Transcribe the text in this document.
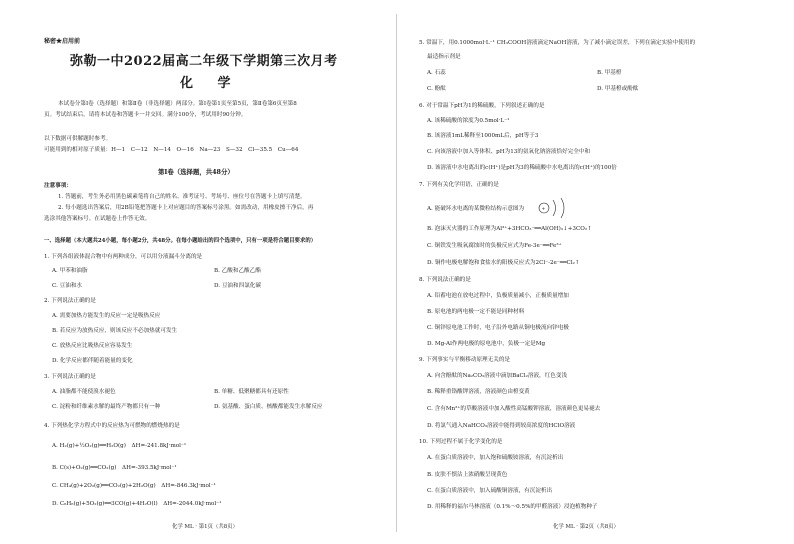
秘密★启用前
弥勒一中2022届高二年级下学期第三次月考
化 学
本试卷分第Ⅰ卷（选择题）和第Ⅱ卷（非选择题）两部分。第Ⅰ卷第1页至第5页，第Ⅱ卷第6页至第8
页。考试结束后，请将本试卷和答题卡一并交回。满分100分，考试用时90分钟。
以下数据可供解题时参考。
可能用到的相对原子质量：H—1　C—12　N—14　O—16　Na—23　S—32　Cl—35.5　Cu—64
第Ⅰ卷（选择题，共48分）
注意事项：
1. 答题前，考生务必用黑色碳素笔将自己的姓名、准考证号、考场号、座位号在答题卡上填写清楚。
2. 每小题选出答案后，用2B铅笔把答题卡上对应题目的答案标号涂黑。如需改动，用橡皮擦干净后，再
选涂其他答案标号。在试题卷上作答无效。
一、选择题（本大题共24小题，每小题2分，共48分。在每小题给出的四个选项中，只有一项是符合题目要求的）
1. 下列各组液体混合物中有两种成分，可以用分液漏斗分离的是
A. 甲苯和油脂	B. 乙酸和乙酸乙酯
C. 豆油和水	D. 豆油和四氯化碳
2. 下列说法正确的是
A. 需要加热方能发生的反应一定是吸热反应
B. 若反应为放热反应，则该反应不必加热就可发生
C. 放热反应比吸热反应容易发生
D. 化学反应都伴随着能量的变化
3. 下列说法正确的是
A. 油脂都不能使溴水褪色	B. 单糖、低聚糖都具有还原性
C. 淀粉和纤维素水解的最终产物都只有一种	D. 氨基酸、蛋白质、核酸都能发生水解反应
4. 下列热化学方程式中的反应热为可燃物的燃烧热的是
A. H₂(g)+½O₂(g)══H₂O(g)　ΔH=-241.8kJ·mol⁻¹
B. C(s)+O₂(g)══CO₂(g)　ΔH=-393.5kJ·mol⁻¹
C. CH₄(g)+2O₂(g)══CO₂(g)+2H₂O(g)　ΔH=-846.3kJ·mol⁻¹
D. C₆H₆(g)+5O₂(g)══3CO(g)+4H₂O(l)　ΔH=-2044.0kJ·mol⁻¹
化学 ML · 第1页（共8页）
5. 常温下，用0.1000mol·L⁻¹ CH₃COOH溶液滴定NaOH溶液，为了减小滴定误差，下列在滴定实验中使用的
最适指示剂是
A. 石蕊	B. 甲基橙
C. 酚酞	D. 甲基橙或酚酞
6. 对于常温下pH为1的稀硫酸，下列叙述正确的是
A. 该稀硫酸的浓度为0.5mol·L⁻¹
B. 该溶液1mL稀释至1000mL后，pH等于3
C. 向该溶液中加入等体积、pH为13的氨氧化钠溶液恰好完全中和
D. 该溶液中水电离出的c(H⁺)是pH为3的稀硫酸中水电离出的c(H⁺)的100倍
7. 下列有关化学用语，正确的是
A. 能破坏水电离的某微粒结构示意图为	+
B. 泡沫灭火器的工作原理为Al³⁺+3HCO₃⁻══Al(OH)₃↓+3CO₂↑
C. 铜铁发生吸氧腐蚀时的负极反应式为Fe-3e⁻══Fe³⁺
D. 铜作电极电解饱和食盐水的阳极反应式为2Cl⁻-2e⁻══Cl₂↑
8. 下列说法正确的是
A. 铅蓄电池在放电过程中，负极质量减小，正极质量增加
B. 原电池的两电极一定不能是同种材料
C. 铜锌原电池工作时，电子沿外电路从铜电极流向锌电极
D. Mg-Al作两电极的原电池中，负极一定是Mg
9. 下列事实与平衡移动原理无关的是
A. 向含酚酞的Na₂CO₃溶液中滴加BaCl₂溶液，红色变浅
B. 稀释重铬酸钾溶液，溶液颜色由橙变黄
C. 含有Mn²⁺的草酸溶液中加入酸性高锰酸钾溶液，溶液颜色更易褪去
D. 将氯气通入NaHCO₃溶液中能得到较高浓度的HClO溶液
10. 下列过程不属于化学变化的是
A. 在蛋白质溶液中，加入饱和硫酸铵溶液，有沉淀析出
B. 皮肤不慎沾上浓硝酸呈现黄色
C. 在蛋白质溶液中，加入硫酸铜溶液，有沉淀析出
D. 用稀释的福尔马林溶液（0.1%～0.5%的甲醛溶液）浸泡植物种子
化学 ML · 第2页（共8页）
